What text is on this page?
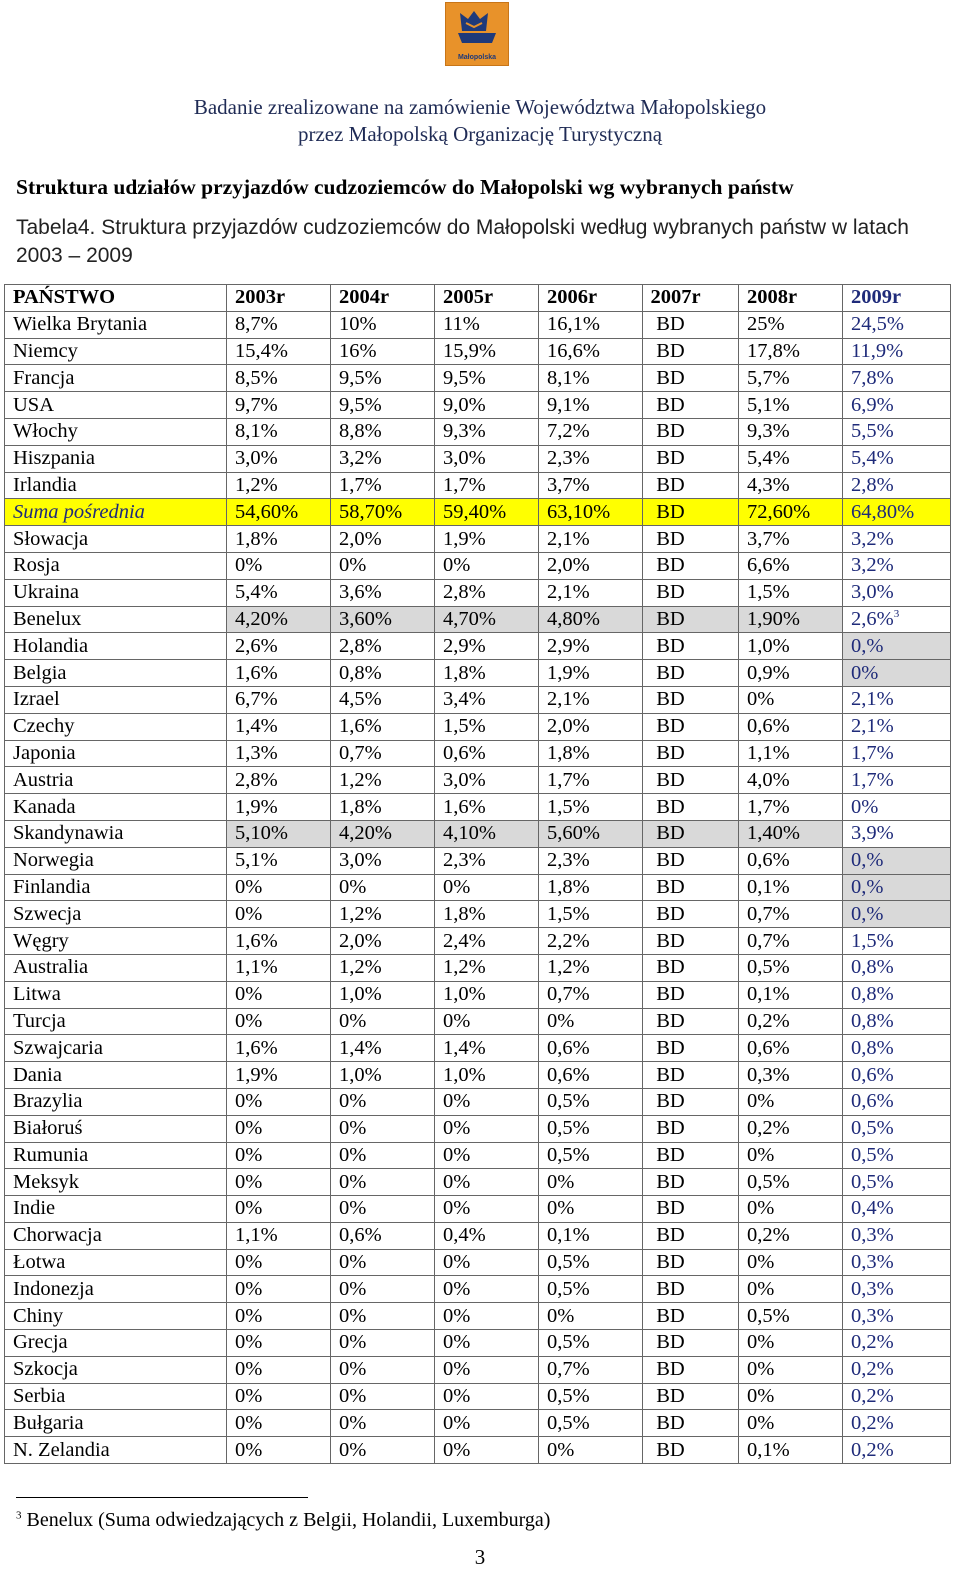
Małopolska
Badanie zrealizowane na zamówienie Województwa Małopolskiego
przez Małopolską Organizację Turystyczną
Struktura udziałów przyjazdów cudzoziemców do Małopolski wg wybranych państw
Tabela4. Struktura przyjazdów cudzoziemców do Małopolski według wybranych państw w latach 2003 – 2009
PAŃSTWO	2003r	2004r	2005r	2006r	2007r	2008r	2009r
Wielka Brytania	8,7%	10%	11%	16,1%	BD	25%	24,5%
Niemcy	15,4%	16%	15,9%	16,6%	BD	17,8%	11,9%
Francja	8,5%	9,5%	9,5%	8,1%	BD	5,7%	7,8%
USA	9,7%	9,5%	9,0%	9,1%	BD	5,1%	6,9%
Włochy	8,1%	8,8%	9,3%	7,2%	BD	9,3%	5,5%
Hiszpania	3,0%	3,2%	3,0%	2,3%	BD	5,4%	5,4%
Irlandia	1,2%	1,7%	1,7%	3,7%	BD	4,3%	2,8%
Suma pośrednia	54,60%	58,70%	59,40%	63,10%	BD	72,60%	64,80%
Słowacja	1,8%	2,0%	1,9%	2,1%	BD	3,7%	3,2%
Rosja	0%	0%	0%	2,0%	BD	6,6%	3,2%
Ukraina	5,4%	3,6%	2,8%	2,1%	BD	1,5%	3,0%
Benelux	4,20%	3,60%	4,70%	4,80%	BD	1,90%	2,6%$^3$
Holandia	2,6%	2,8%	2,9%	2,9%	BD	1,0%	0,%
Belgia	1,6%	0,8%	1,8%	1,9%	BD	0,9%	0%
Izrael	6,7%	4,5%	3,4%	2,1%	BD	0%	2,1%
Czechy	1,4%	1,6%	1,5%	2,0%	BD	0,6%	2,1%
Japonia	1,3%	0,7%	0,6%	1,8%	BD	1,1%	1,7%
Austria	2,8%	1,2%	3,0%	1,7%	BD	4,0%	1,7%
Kanada	1,9%	1,8%	1,6%	1,5%	BD	1,7%	0%
Skandynawia	5,10%	4,20%	4,10%	5,60%	BD	1,40%	3,9%
Norwegia	5,1%	3,0%	2,3%	2,3%	BD	0,6%	0,%
Finlandia	0%	0%	0%	1,8%	BD	0,1%	0,%
Szwecja	0%	1,2%	1,8%	1,5%	BD	0,7%	0,%
Węgry	1,6%	2,0%	2,4%	2,2%	BD	0,7%	1,5%
Australia	1,1%	1,2%	1,2%	1,2%	BD	0,5%	0,8%
Litwa	0%	1,0%	1,0%	0,7%	BD	0,1%	0,8%
Turcja	0%	0%	0%	0%	BD	0,2%	0,8%
Szwajcaria	1,6%	1,4%	1,4%	0,6%	BD	0,6%	0,8%
Dania	1,9%	1,0%	1,0%	0,6%	BD	0,3%	0,6%
Brazylia	0%	0%	0%	0,5%	BD	0%	0,6%
Białoruś	0%	0%	0%	0,5%	BD	0,2%	0,5%
Rumunia	0%	0%	0%	0,5%	BD	0%	0,5%
Meksyk	0%	0%	0%	0%	BD	0,5%	0,5%
Indie	0%	0%	0%	0%	BD	0%	0,4%
Chorwacja	1,1%	0,6%	0,4%	0,1%	BD	0,2%	0,3%
Łotwa	0%	0%	0%	0,5%	BD	0%	0,3%
Indonezja	0%	0%	0%	0,5%	BD	0%	0,3%
Chiny	0%	0%	0%	0%	BD	0,5%	0,3%
Grecja	0%	0%	0%	0,5%	BD	0%	0,2%
Szkocja	0%	0%	0%	0,7%	BD	0%	0,2%
Serbia	0%	0%	0%	0,5%	BD	0%	0,2%
Bułgaria	0%	0%	0%	0,5%	BD	0%	0,2%
N. Zelandia	0%	0%	0%	0%	BD	0,1%	0,2%
$^3$ Benelux (Suma odwiedzających z Belgii, Holandii, Luxemburga)
3
